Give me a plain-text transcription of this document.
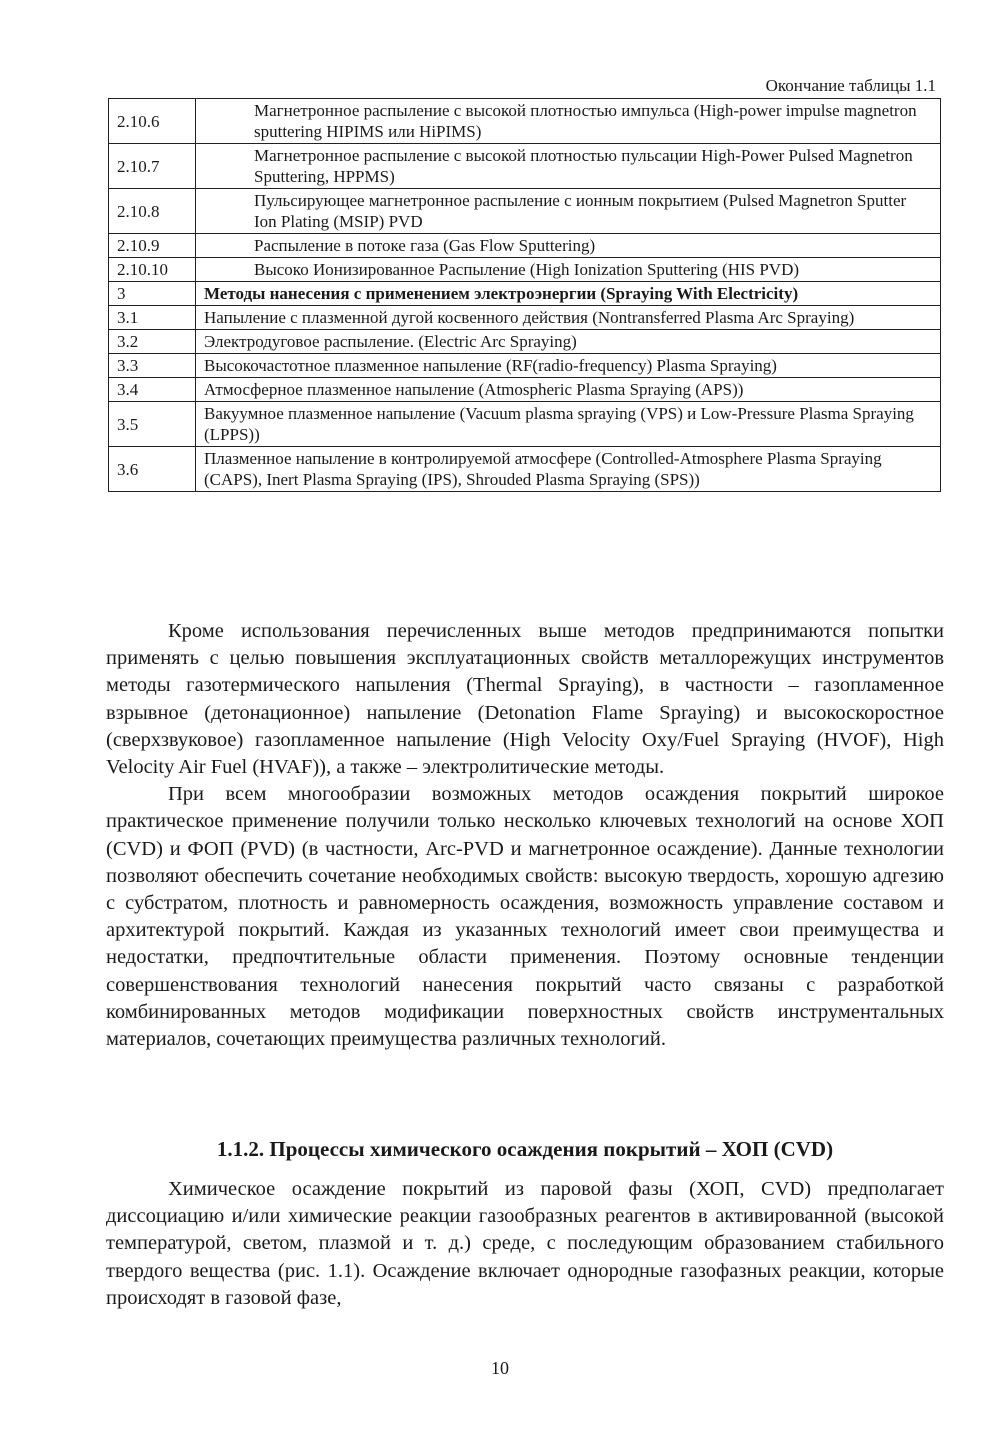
Окончание таблицы 1.1
2.10.6	Магнетронное распыление с высокой плотностью импульса (High-power impulse magnetron sputtering HIPIMS или HiPIMS)
2.10.7	Магнетронное распыление с высокой плотностью пульсации High-Power Pulsed Magnetron Sputtering, HPPMS)
2.10.8	Пульсирующее магнетронное распыление с ионным покрытием (Pulsed Magnetron Sputter Ion Plating (MSIP) PVD
2.10.9	Распыление в потоке газа (Gas Flow Sputtering)
2.10.10	Высоко Ионизированное Распыление (High Ionization Sputtering (HIS PVD)
3	Методы нанесения с применением электроэнергии (Spraying With Electricity)
3.1	Напыление с плазменной дугой косвенного действия (Nontransferred Plasma Arc Spraying)
3.2	Электродуговое распыление. (Electric Arc Spraying)
3.3	Высокочастотное плазменное напыление (RF(radio-frequency) Plasma Spraying)
3.4	Атмосферное плазменное напыление (Atmospheric Plasma Spraying (APS))
3.5	Вакуумное плазменное напыление (Vacuum plasma spraying (VPS) и Low-Pressure Plasma Spraying (LPPS))
3.6	Плазменное напыление в контролируемой атмосфере (Controlled-Atmosphere Plasma Spraying (CAPS), Inert Plasma Spraying (IPS), Shrouded Plasma Spraying (SPS))

Кроме использования перечисленных выше методов предпринимаются попытки применять с целью повышения эксплуатационных свойств металлорежущих инструментов методы газотермического напыления (Thermal Spraying), в частности – газопламенное взрывное (детонационное) напыление (Detonation Flame Spraying) и высокоскоростное (сверхзвуковое) газопламенное напыление (High Velocity Oxy/Fuel Spraying (HVOF), High Velocity Air Fuel (HVAF)), а также – электролитические методы.

При всем многообразии возможных методов осаждения покрытий широкое практическое применение получили только несколько ключевых технологий на основе ХОП (CVD) и ФОП (PVD) (в частности, Arc-PVD и магнетронное осаждение). Данные технологии позволяют обеспечить сочетание необходимых свойств: высокую твердость, хорошую адгезию с субстратом, плотность и равномерность осаждения, возможность управление составом и архитектурой покрытий. Каждая из указанных технологий имеет свои преимущества и недостатки, предпочтительные области применения. Поэтому основные тенденции совершенствования технологий нанесения покрытий часто связаны с разработкой комбинированных методов модификации поверхностных свойств инструментальных материалов, сочетающих преимущества различных технологий.

1.1.2. Процессы химического осаждения покрытий – ХОП (CVD)

Химическое осаждение покрытий из паровой фазы (ХОП, CVD) предполагает диссоциацию и/или химические реакции газообразных реагентов в активированной (высокой температурой, светом, плазмой и т. д.) среде, с последующим образованием стабильного твердого вещества (рис. 1.1). Осаждение включает однородные газофазных реакции, которые происходят в газовой фазе,

10
